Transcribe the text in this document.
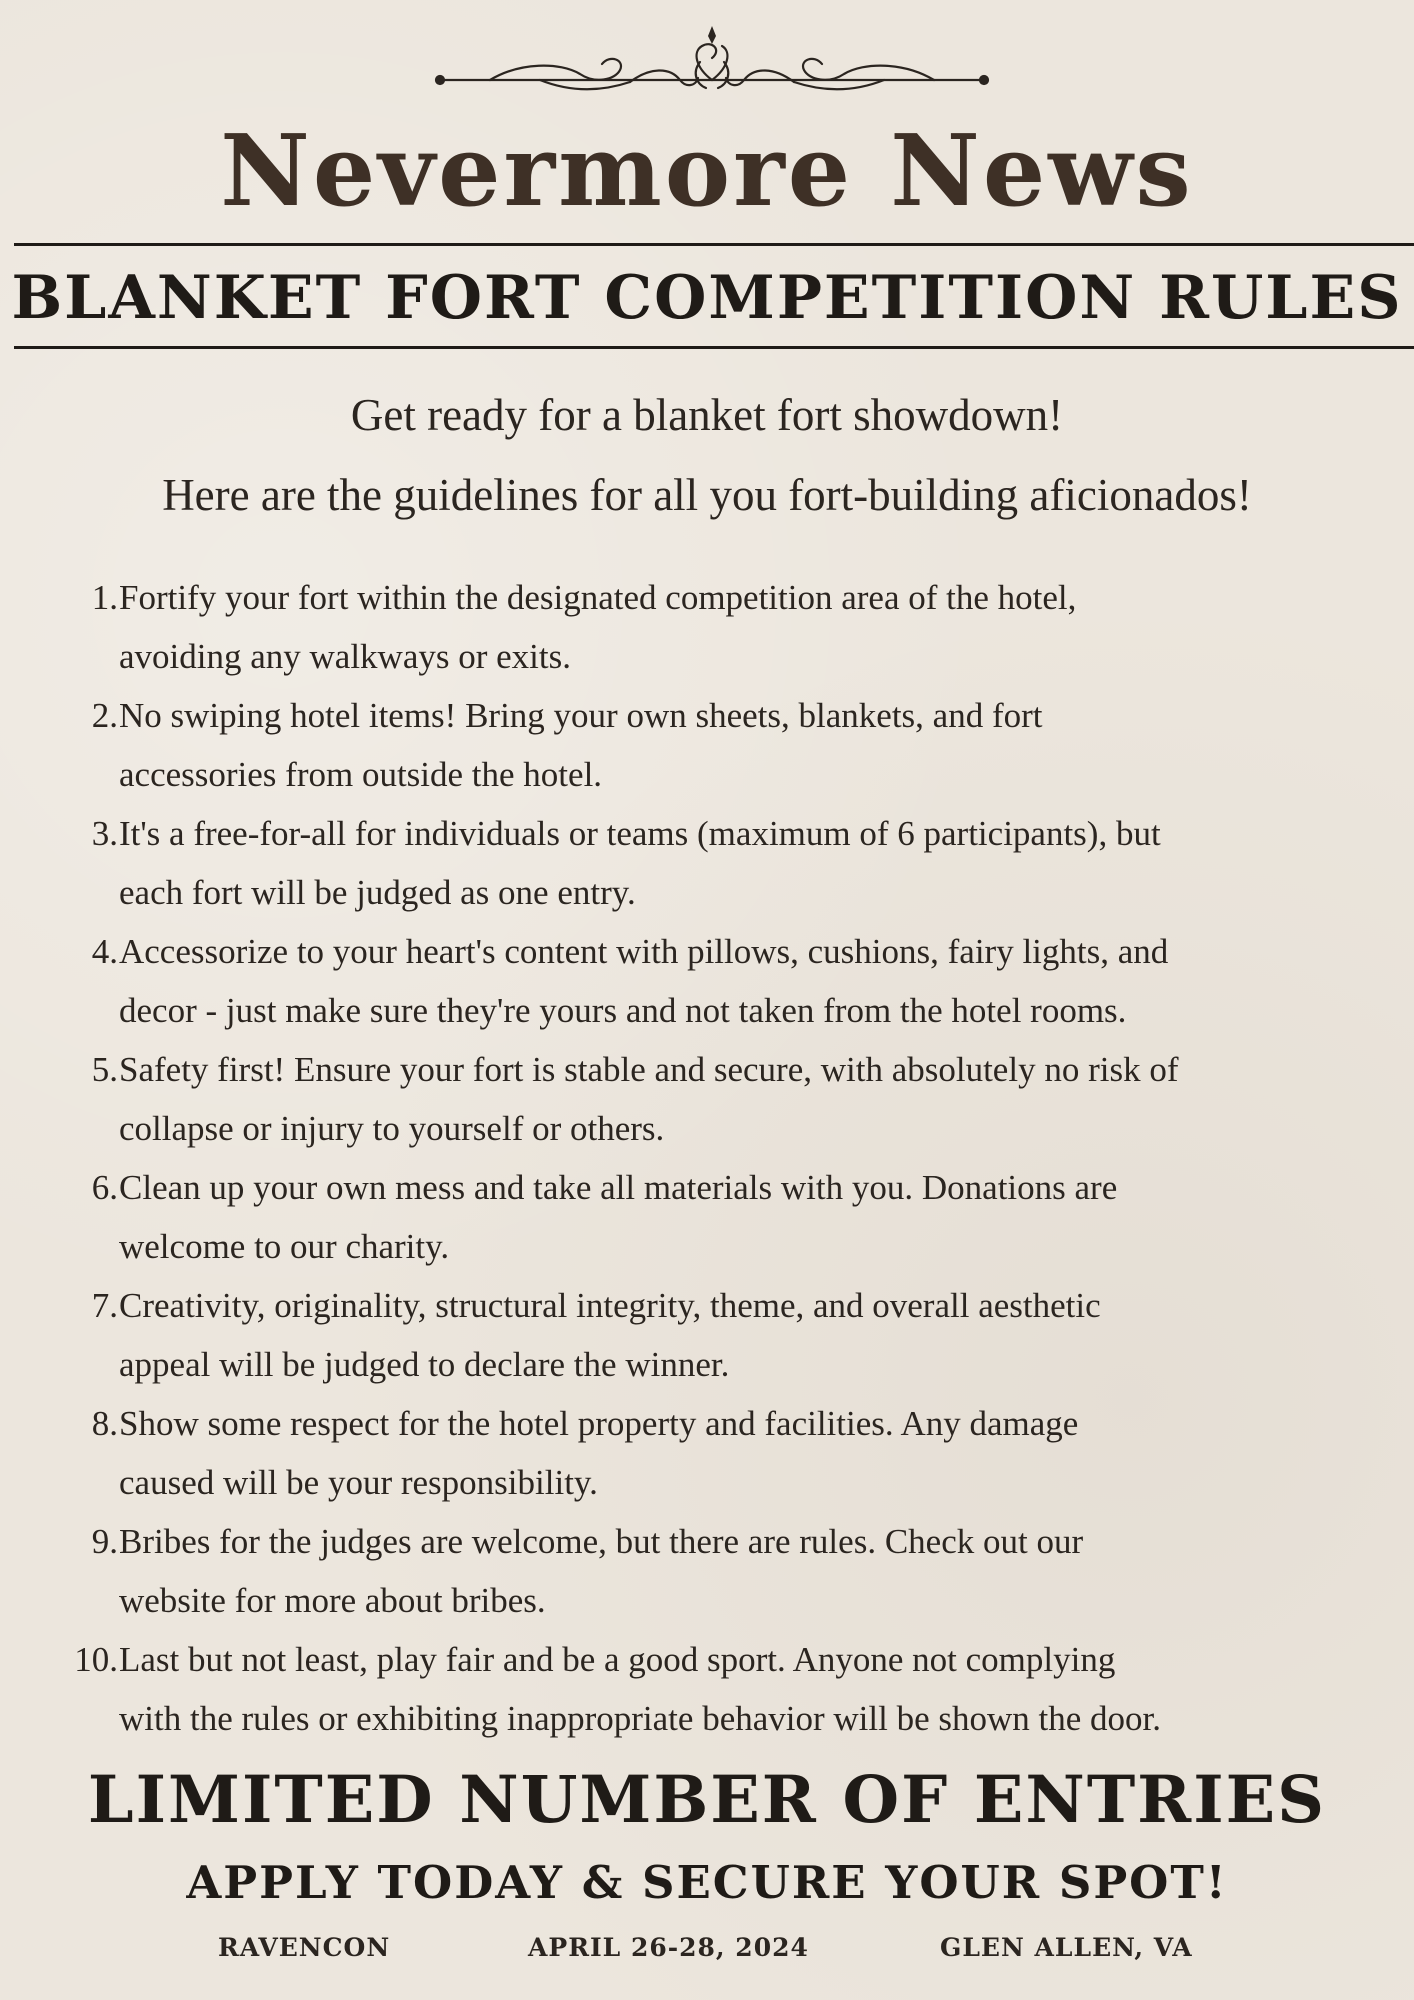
Nevermore News
BLANKET FORT COMPETITION RULES
Get ready for a blanket fort showdown!
Here are the guidelines for all you fort-building aficionados!
1. Fortify your fort within the designated competition area of the hotel,
avoiding any walkways or exits.
2. No swiping hotel items! Bring your own sheets, blankets, and fort
accessories from outside the hotel.
3. It's a free-for-all for individuals or teams (maximum of 6 participants), but
each fort will be judged as one entry.
4. Accessorize to your heart's content with pillows, cushions, fairy lights, and
decor - just make sure they're yours and not taken from the hotel rooms.
5. Safety first! Ensure your fort is stable and secure, with absolutely no risk of
collapse or injury to yourself or others.
6. Clean up your own mess and take all materials with you. Donations are
welcome to our charity.
7. Creativity, originality, structural integrity, theme, and overall aesthetic
appeal will be judged to declare the winner.
8. Show some respect for the hotel property and facilities. Any damage
caused will be your responsibility.
9. Bribes for the judges are welcome, but there are rules. Check out our
website for more about bribes.
10. Last but not least, play fair and be a good sport. Anyone not complying
with the rules or exhibiting inappropriate behavior will be shown the door.
LIMITED NUMBER OF ENTRIES
APPLY TODAY & SECURE YOUR SPOT!
RAVENCON	APRIL 26-28, 2024	GLEN ALLEN, VA
